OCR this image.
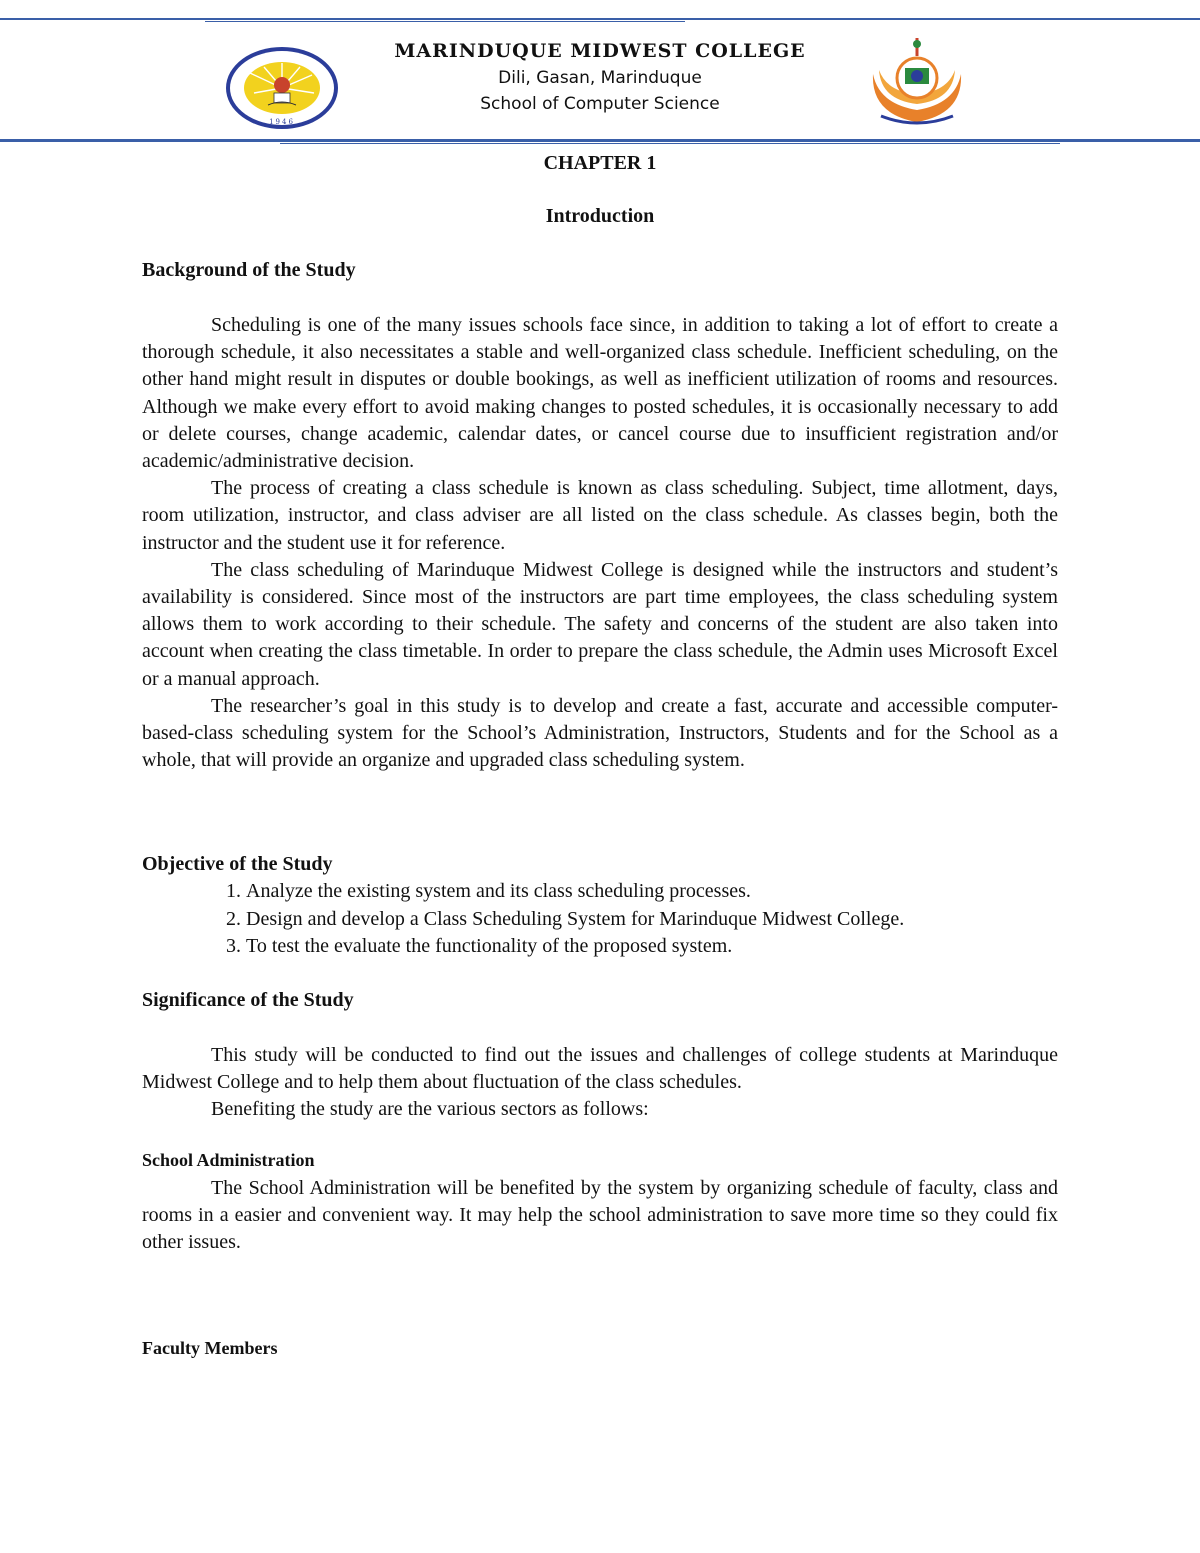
1946
MARINDUQUE MIDWEST COLLEGE
Dili, Gasan, Marinduque
School of Computer Science
CHAPTER 1
Introduction
Background of the Study

Scheduling is one of the many issues schools face since, in addition to taking a lot of effort to create a thorough schedule, it also necessitates a stable and well-organized class schedule. Inefficient scheduling, on the other hand might result in disputes or double bookings, as well as inefficient utilization of rooms and resources. Although we make every effort to avoid making changes to posted schedules, it is occasionally necessary to add or delete courses, change academic, calendar dates, or cancel course due to insufficient registration and/or academic/administrative decision.

The process of creating a class schedule is known as class scheduling. Subject, time allotment, days, room utilization, instructor, and class adviser are all listed on the class schedule. As classes begin, both the instructor and the student use it for reference.

The class scheduling of Marinduque Midwest College is designed while the instructors and student’s availability is considered. Since most of the instructors are part time employees, the class scheduling system allows them to work according to their schedule. The safety and concerns of the student are also taken into account when creating the class timetable. In order to prepare the class schedule, the Admin uses Microsoft Excel or a manual approach.

The researcher’s goal in this study is to develop and create a fast, accurate and accessible computer-based-class scheduling system for the School’s Administration, Instructors, Students and for the School as a whole, that will provide an organize and upgraded class scheduling system.

Objective of the Study
1. Analyze the existing system and its class scheduling processes.
2. Design and develop a Class Scheduling System for Marinduque Midwest College.
3. To test the evaluate the functionality of the proposed system.
Significance of the Study

This study will be conducted to find out the issues and challenges of college students at Marinduque Midwest College and to help them about fluctuation of the class schedules.

Benefiting the study are the various sectors as follows:

School Administration

The School Administration will be benefited by the system by organizing schedule of faculty, class and rooms in a easier and convenient way. It may help the school administration to save more time so they could fix other issues.

Faculty Members
